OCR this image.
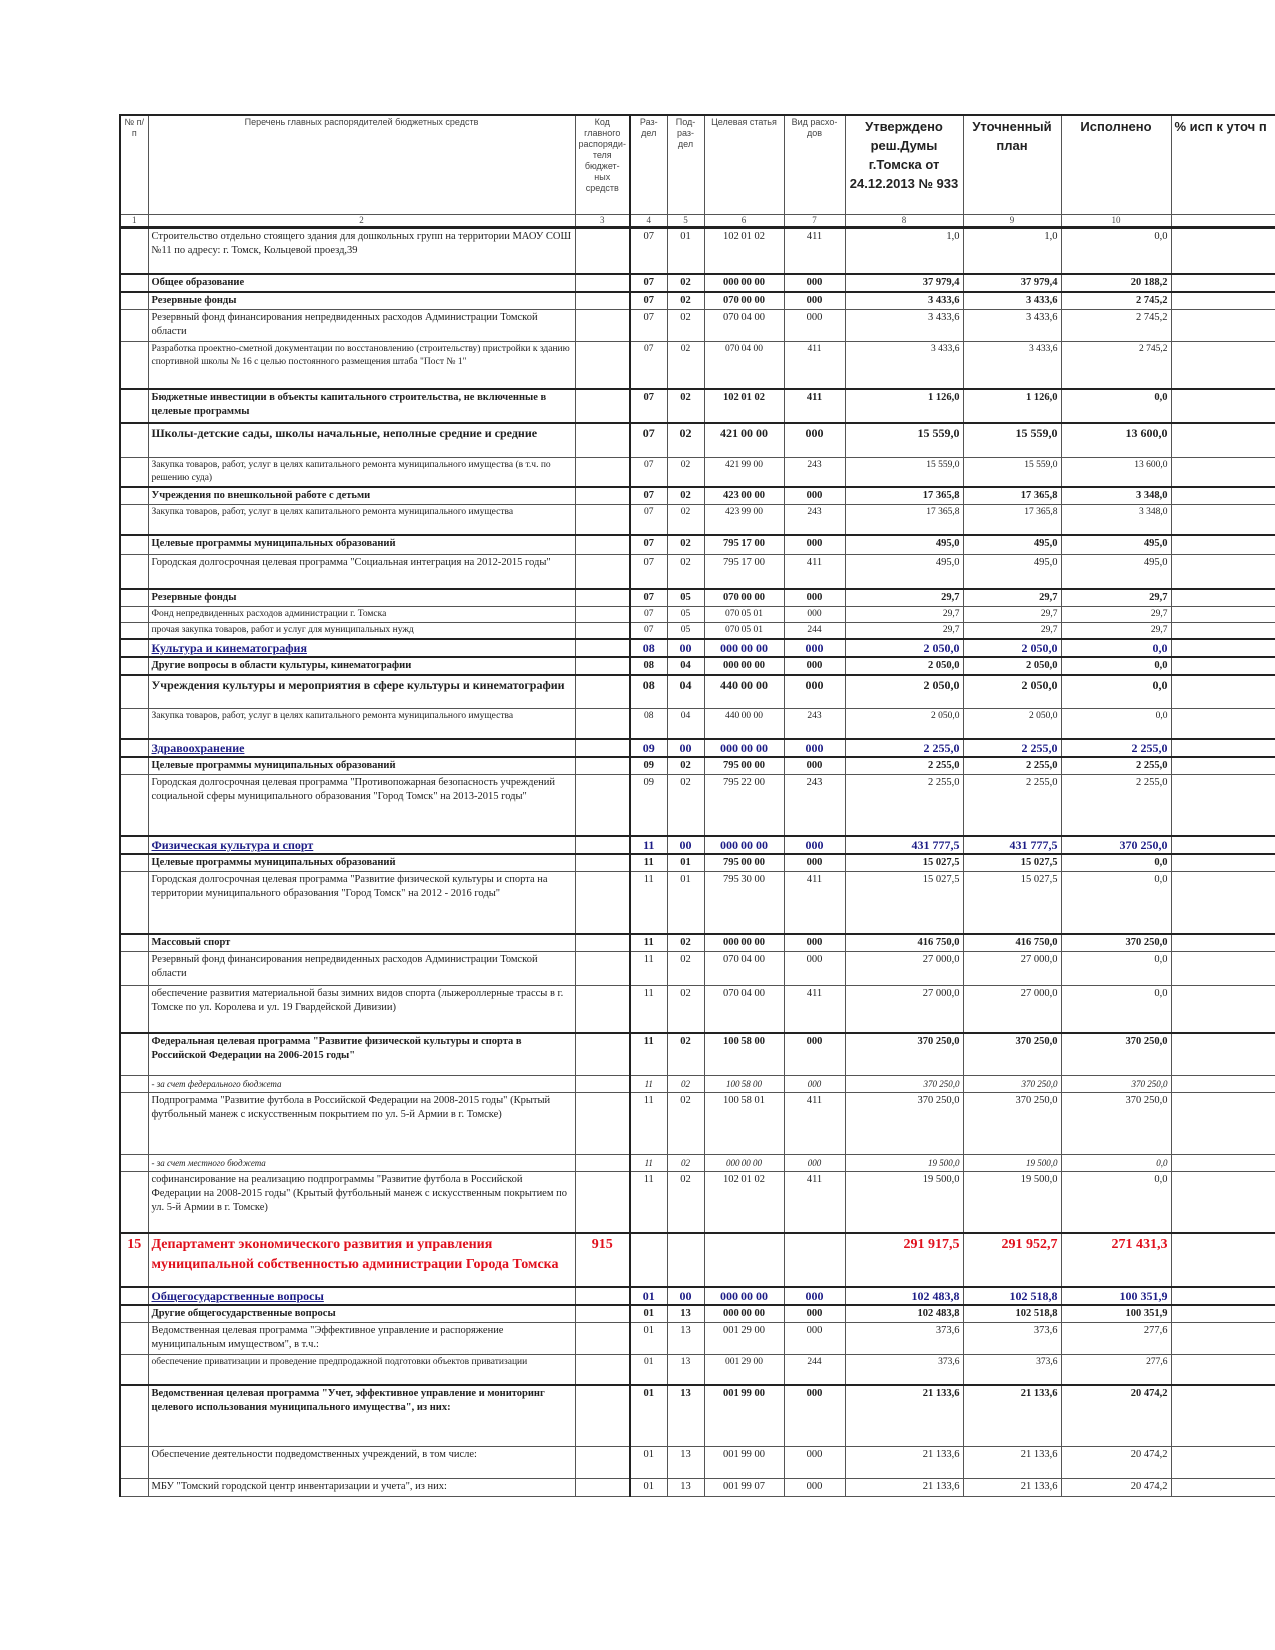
№ п/п	Перечень главных распорядителей бюджетных средств	Код главного распоряди-теля бюджет-ных средств	Раз-дел	Под-раз-дел	Целевая статья	Вид расхо-дов	Утверждено реш.Думы г.Томска от 24.12.2013 № 933	Уточненный план	Исполнено	% исп к уточ п
1	2	3	4	5	6	7	8	9	10	
	Строительство отдельно стоящего здания для дошкольных групп на территории МАОУ СОШ №11 по адресу: г. Томск, Кольцевой проезд,39		07	01	102 01 02	411	1,0	1,0	0,0	
	Общее образование		07	02	000 00 00	000	37 979,4	37 979,4	20 188,2	
	Резервные фонды		07	02	070 00 00	000	3 433,6	3 433,6	2 745,2	
	Резервный фонд финансирования непредвиденных расходов Администрации Томской области		07	02	070 04 00	000	3 433,6	3 433,6	2 745,2	
	Разработка проектно-сметной документации по восстановлению (строительству) пристройки к зданию спортивной школы № 16 с целью постоянного размещения штаба "Пост № 1"		07	02	070 04 00	411	3 433,6	3 433,6	2 745,2	
	Бюджетные инвестиции в объекты капитального строительства, не включенные в целевые программы		07	02	102 01 02	411	1 126,0	1 126,0	0,0	
	Школы-детские сады, школы начальные, неполные средние и средние		07	02	421 00 00	000	15 559,0	15 559,0	13 600,0	
	Закупка товаров, работ, услуг в целях капитального ремонта муниципального имущества (в т.ч. по решению суда)		07	02	421 99 00	243	15 559,0	15 559,0	13 600,0	
	Учреждения по внешкольной работе с детьми		07	02	423 00 00	000	17 365,8	17 365,8	3 348,0	
	Закупка товаров, работ, услуг в целях капитального ремонта муниципального имущества		07	02	423 99 00	243	17 365,8	17 365,8	3 348,0	
	Целевые программы муниципальных образований		07	02	795 17 00	000	495,0	495,0	495,0	
	Городская долгосрочная целевая программа "Социальная интеграция на 2012-2015 годы"		07	02	795 17 00	411	495,0	495,0	495,0	
	Резервные фонды		07	05	070 00 00	000	29,7	29,7	29,7	
	Фонд непредвиденных расходов администрации г. Томска		07	05	070 05 01	000	29,7	29,7	29,7	
	прочая закупка товаров, работ и услуг для муниципальных нужд		07	05	070 05 01	244	29,7	29,7	29,7	
	Культура и кинематография		08	00	000 00 00	000	2 050,0	2 050,0	0,0	
	Другие вопросы в области культуры, кинематографии		08	04	000 00 00	000	2 050,0	2 050,0	0,0	
	Учреждения культуры и мероприятия в сфере культуры и кинематографии		08	04	440 00 00	000	2 050,0	2 050,0	0,0	
	Закупка товаров, работ, услуг в целях капитального ремонта муниципального имущества		08	04	440 00 00	243	2 050,0	2 050,0	0,0	
	Здравоохранение		09	00	000 00 00	000	2 255,0	2 255,0	2 255,0	
	Целевые программы муниципальных образований		09	02	795 00 00	000	2 255,0	2 255,0	2 255,0	
	Городская долгосрочная целевая программа "Противопожарная безопасность учреждений социальной сферы муниципального образования "Город Томск" на 2013-2015 годы"		09	02	795 22 00	243	2 255,0	2 255,0	2 255,0	
	Физическая культура и спорт		11	00	000 00 00	000	431 777,5	431 777,5	370 250,0	
	Целевые программы муниципальных образований		11	01	795 00 00	000	15 027,5	15 027,5	0,0	
	Городская долгосрочная целевая программа "Развитие физической культуры и спорта на территории муниципального образования "Город Томск" на 2012 - 2016 годы"		11	01	795 30 00	411	15 027,5	15 027,5	0,0	
	Массовый спорт		11	02	000 00 00	000	416 750,0	416 750,0	370 250,0	
	Резервный фонд финансирования непредвиденных расходов Администрации Томской области		11	02	070 04 00	000	27 000,0	27 000,0	0,0	
	обеспечение развития материальной базы зимних видов спорта (лыжероллерные трассы в г. Томске по ул. Королева и ул. 19 Гвардейской Дивизии)		11	02	070 04 00	411	27 000,0	27 000,0	0,0	
	Федеральная целевая программа "Развитие физической культуры и спорта в Российской Федерации на 2006-2015 годы"		11	02	100 58 00	000	370 250,0	370 250,0	370 250,0	
	- за счет федерального бюджета		11	02	100 58 00	000	370 250,0	370 250,0	370 250,0	
	Подпрограмма "Развитие футбола в Российской Федерации на 2008-2015 годы" (Крытый футбольный манеж с искусственным покрытием по ул. 5-й Армии в г. Томске)		11	02	100 58 01	411	370 250,0	370 250,0	370 250,0	
	- за счет местного бюджета		11	02	000 00 00	000	19 500,0	19 500,0	0,0	
	софинансирование на реализацию подпрограммы "Развитие футбола в Российской Федерации на 2008-2015 годы" (Крытый футбольный манеж с искусственным покрытием по ул. 5-й Армии в г. Томске)		11	02	102 01 02	411	19 500,0	19 500,0	0,0	
15	Департамент экономического развития и управления муниципальной собственностью администрации Города Томска	915					291 917,5	291 952,7	271 431,3	
	Общегосударственные вопросы		01	00	000 00 00	000	102 483,8	102 518,8	100 351,9	
	Другие общегосударственные вопросы		01	13	000 00 00	000	102 483,8	102 518,8	100 351,9	
	Ведомственная целевая программа "Эффективное управление и распоряжение муниципальным имуществом", в т.ч.:		01	13	001 29 00	000	373,6	373,6	277,6	
	обеспечение приватизации и проведение предпродажной подготовки объектов приватизации		01	13	001 29 00	244	373,6	373,6	277,6	
	Ведомственная целевая программа "Учет, эффективное управление и мониторинг целевого использования муниципального имущества", из них:		01	13	001 99 00	000	21 133,6	21 133,6	20 474,2	
	Обеспечение деятельности подведомственных учреждений, в том числе:		01	13	001 99 00	000	21 133,6	21 133,6	20 474,2	
	МБУ "Томский городской центр инвентаризации и учета", из них:		01	13	001 99 07	000	21 133,6	21 133,6	20 474,2	
